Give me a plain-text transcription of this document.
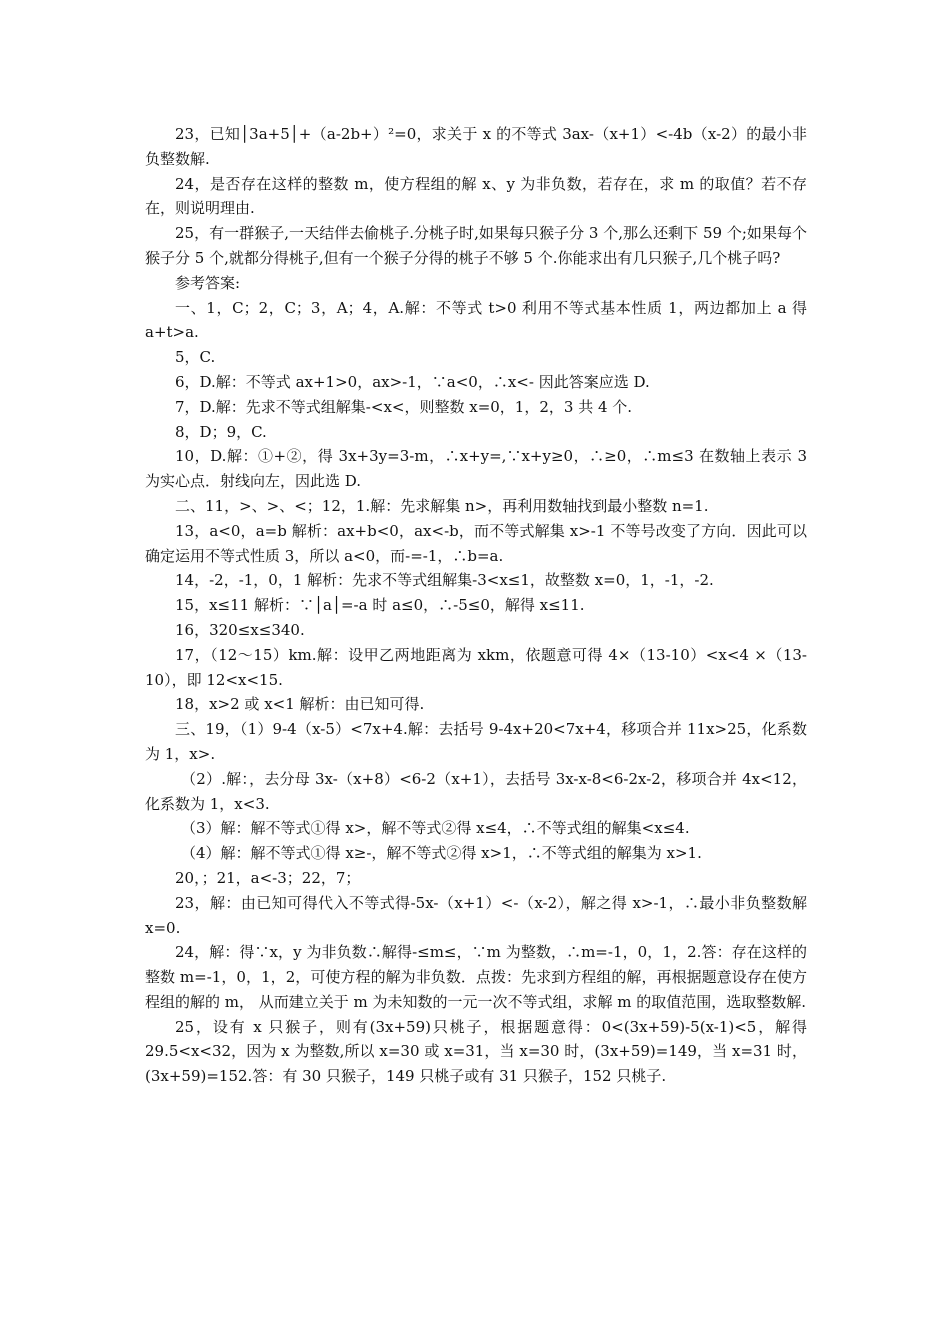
23，已知│3a+5│+（a-2b+）²=0，求关于 x 的不等式 3ax-（x+1）<-4b（x-2）的最小非负整数解.

24，是否存在这样的整数 m，使方程组的解 x、y 为非负数，若存在，求 m 的取值？若不存在，则说明理由.

25，有一群猴子,一天结伴去偷桃子.分桃子时,如果每只猴子分 3 个,那么还剩下 59 个;如果每个猴子分 5 个,就都分得桃子,但有一个猴子分得的桃子不够 5 个.你能求出有几只猴子,几个桃子吗?

参考答案:

一、1，C；2，C；3，A；4，A.解：不等式 t>0 利用不等式基本性质 1，两边都加上 a 得 a+t>a.

5，C.

6，D.解：不等式 ax+1>0，ax>-1，∵a<0，∴x<- 因此答案应选 D.

7，D.解：先求不等式组解集-<x<，则整数 x=0，1，2，3 共 4 个.

8，D；9，C.

10，D.解：①+②，得 3x+3y=3-m，∴x+y=,∵x+y≥0，∴≥0，∴m≤3 在数轴上表示 3 为实心点．射线向左，因此选 D.

二、11，>、>、<；12，1.解：先求解集 n>，再利用数轴找到最小整数 n=1.

13，a<0，a=b 解析：ax+b<0，ax<-b，而不等式解集 x>-1 不等号改变了方向．因此可以确定运用不等式性质 3，所以 a<0，而-=-1，∴b=a.

14，-2，-1，0，1 解析：先求不等式组解集-3<x≤1，故整数 x=0，1，-1，-2.

15，x≤11 解析：∵│a│=-a 时 a≤0，∴-5≤0，解得 x≤11.

16，320≤x≤340.

17，（12～15）km.解：设甲乙两地距离为 xkm，依题意可得 4×（13-10）<x<4 ×（13-10），即 12<x<15.

18，x>2 或 x<1 解析：由已知可得.

三、19，（1）9-4（x-5）<7x+4.解：去括号 9-4x+20<7x+4，移项合并 11x>25，化系数为 1，x>.

（2）.解：，去分母 3x-（x+8）<6-2（x+1），去括号 3x-x-8<6-2x-2，移项合并 4x<12，化系数为 1，x<3.

（3）解：解不等式①得 x>，解不等式②得 x≤4，∴不等式组的解集<x≤4.

（4）解：解不等式①得 x≥-，解不等式②得 x>1，∴不等式组的解集为 x>1.

20，；21，a<-3；22，7；

23，解：由已知可得代入不等式得-5x-（x+1）<-（x-2），解之得 x>-1，∴最小非负整数解 x=0.

24，解：得∵x，y 为非负数∴解得-≤m≤，∵m 为整数，∴m=-1，0，1，2.答：存在这样的整数 m=-1，0，1，2，可使方程的解为非负数．点拨：先求到方程组的解，再根据题意设存在使方程组的解的 m， 从而建立关于 m 为未知数的一元一次不等式组，求解 m 的取值范围，选取整数解.

25，设有 x 只猴子，则有(3x+59)只桃子，根据题意得：0<(3x+59)-5(x-1)<5，解得 29.5<x<32，因为 x 为整数,所以 x=30 或 x=31，当 x=30 时，(3x+59)=149，当 x=31 时，(3x+59)=152.答：有 30 只猴子，149 只桃子或有 31 只猴子，152 只桃子.
